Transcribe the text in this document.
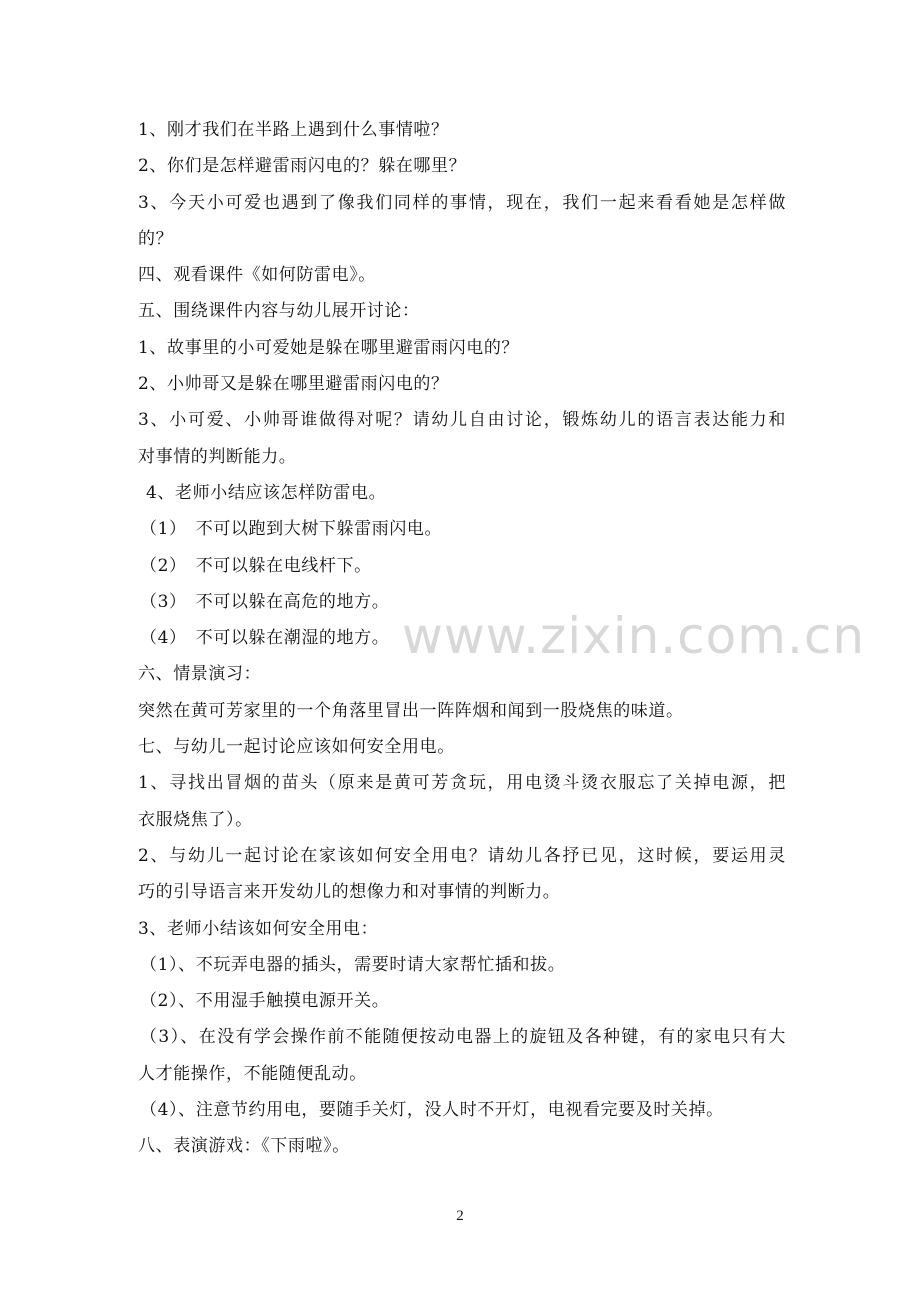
1、刚才我们在半路上遇到什么事情啦？
2、你们是怎样避雷雨闪电的？躲在哪里？
3、今天小可爱也遇到了像我们同样的事情，现在，我们一起来看看她是怎样做
的？
四、观看课件《如何防雷电》。
五、围绕课件内容与幼儿展开讨论：
1、故事里的小可爱她是躲在哪里避雷雨闪电的？
2、小帅哥又是躲在哪里避雷雨闪电的？
3、小可爱、小帅哥谁做得对呢？请幼儿自由讨论，锻炼幼儿的语言表达能力和
对事情的判断能力。
4、老师小结应该怎样防雷电。
（1）　不可以跑到大树下躲雷雨闪电。
（2）　不可以躲在电线杆下。
（3）　不可以躲在高危的地方。
（4）　不可以躲在潮湿的地方。
六、情景演习：
突然在黄可芳家里的一个角落里冒出一阵阵烟和闻到一股烧焦的味道。
七、与幼儿一起讨论应该如何安全用电。
1、寻找出冒烟的苗头（原来是黄可芳贪玩，用电烫斗烫衣服忘了关掉电源，把
衣服烧焦了）。
2、与幼儿一起讨论在家该如何安全用电？请幼儿各抒已见，这时候，要运用灵
巧的引导语言来开发幼儿的想像力和对事情的判断力。
3、老师小结该如何安全用电：
（1）、不玩弄电器的插头，需要时请大家帮忙插和拔。
（2）、不用湿手触摸电源开关。
（3）、在没有学会操作前不能随便按动电器上的旋钮及各种键，有的家电只有大
人才能操作，不能随便乱动。
（4）、注意节约用电，要随手关灯，没人时不开灯，电视看完要及时关掉。
八、表演游戏：《下雨啦》。
www.zixin.com.cn
2
